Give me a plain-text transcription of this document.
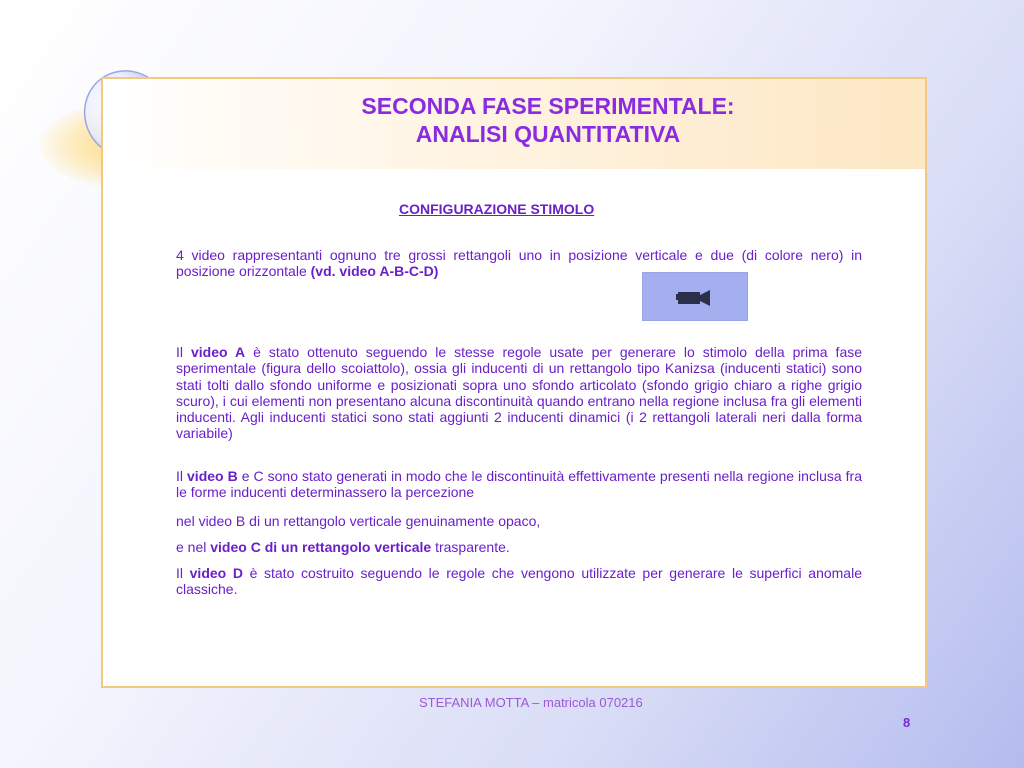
SECONDA FASE SPERIMENTALE:
ANALISI QUANTITATIVA
CONFIGURAZIONE STIMOLO

4 video rappresentanti ognuno tre grossi rettangoli uno in posizione verticale e due (di colore nero) in posizione orizzontale (vd. video A-B-C-D)

Il video A è stato ottenuto seguendo le stesse regole usate per generare lo stimolo della prima fase sperimentale (figura dello scoiattolo), ossia gli inducenti di un rettangolo tipo Kanizsa (inducenti statici) sono stati tolti dallo sfondo uniforme e posizionati sopra uno sfondo articolato (sfondo grigio chiaro a righe grigio scuro), i cui elementi non presentano alcuna discontinuità quando entrano nella regione inclusa fra gli elementi inducenti. Agli inducenti statici sono stati aggiunti 2 inducenti dinamici (i 2 rettangoli laterali neri dalla forma variabile)

Il video B e C sono stato generati in modo che le discontinuità effettivamente presenti nella regione inclusa fra le forme inducenti determinassero la percezione

nel video B di un rettangolo verticale genuinamente opaco,

e nel video C di un rettangolo verticale trasparente.

Il video D è stato costruito seguendo le regole che vengono utilizzate per generare le superfici anomale classiche.

STEFANIA MOTTA – matricola 070216
8
